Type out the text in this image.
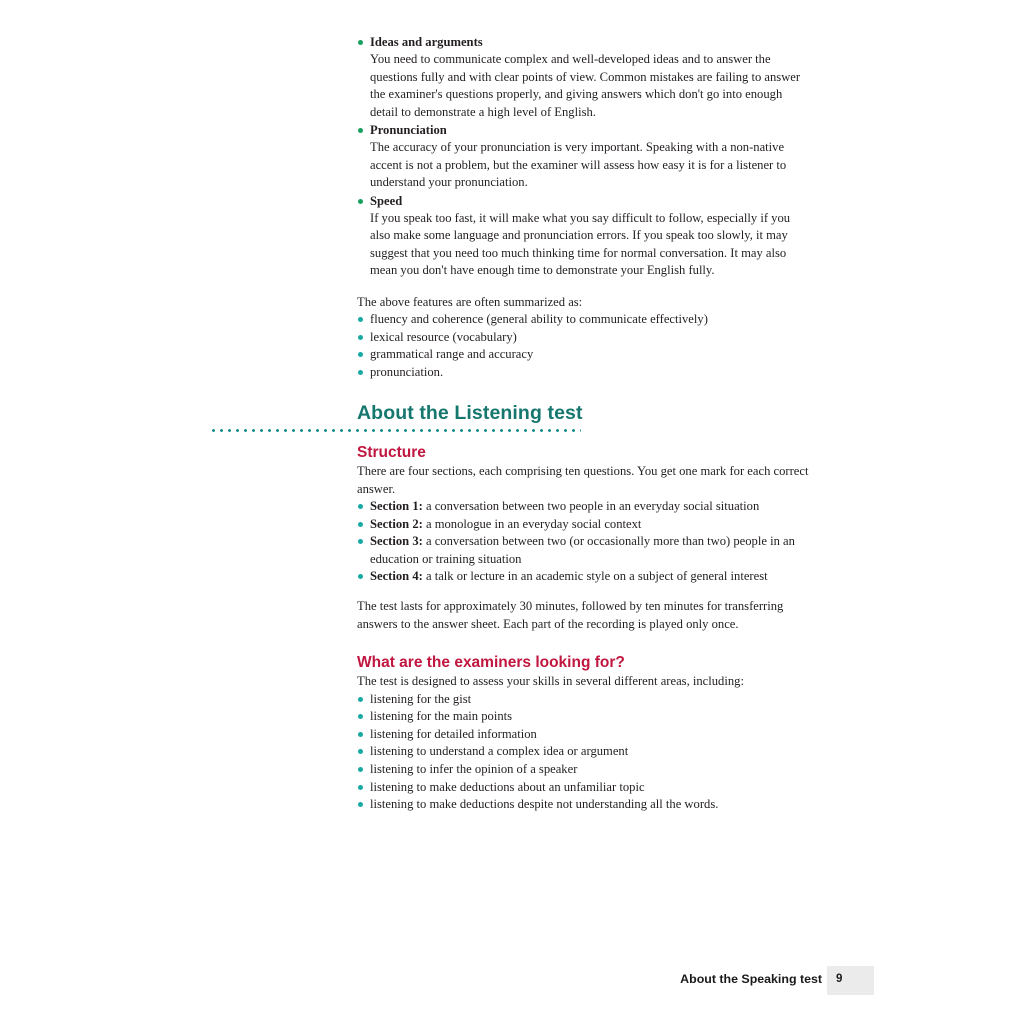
Ideas and arguments
You need to communicate complex and well-developed ideas and to answer the questions fully and with clear points of view. Common mistakes are failing to answer the examiner's questions properly, and giving answers which don't go into enough detail to demonstrate a high level of English.
Pronunciation
The accuracy of your pronunciation is very important. Speaking with a non-native accent is not a problem, but the examiner will assess how easy it is for a listener to understand your pronunciation.
Speed
If you speak too fast, it will make what you say difficult to follow, especially if you also make some language and pronunciation errors. If you speak too slowly, it may suggest that you need too much thinking time for normal conversation. It may also mean you don't have enough time to demonstrate your English fully.

The above features are often summarized as:

fluency and coherence (general ability to communicate effectively)
lexical resource (vocabulary)
grammatical range and accuracy
pronunciation.
About the Listening test
Structure

There are four sections, each comprising ten questions. You get one mark for each correct answer.

Section 1: a conversation between two people in an everyday social situation
Section 2: a monologue in an everyday social context
Section 3: a conversation between two (or occasionally more than two) people in an education or training situation
Section 4: a talk or lecture in an academic style on a subject of general interest

The test lasts for approximately 30 minutes, followed by ten minutes for transferring answers to the answer sheet. Each part of the recording is played only once.

What are the examiners looking for?

The test is designed to assess your skills in several different areas, including:

listening for the gist
listening for the main points
listening for detailed information
listening to understand a complex idea or argument
listening to infer the opinion of a speaker
listening to make deductions about an unfamiliar topic
listening to make deductions despite not understanding all the words.
About the Speaking test 9
